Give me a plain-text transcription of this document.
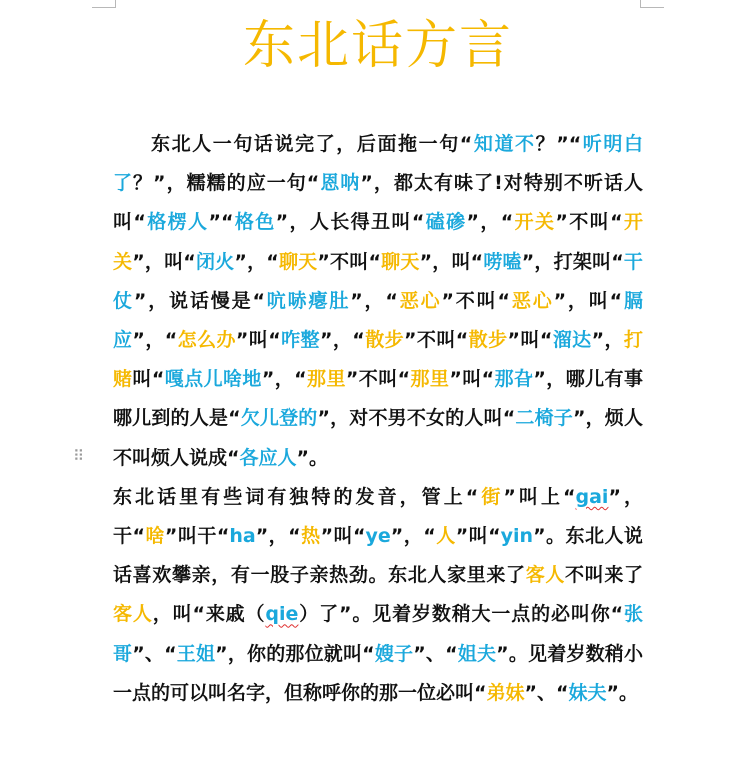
东北话方言
⠿

东北人一句话说完了，后面拖一句“知道不？”“听明白了？”，糯糯的应一句“恩呐”，都太有味了!对特别不听话人叫“格楞人”“格色”，人长得丑叫“磕碜”，“开关”不叫“开关”，叫“闭火”，“聊天”不叫“聊天”，叫“唠嗑”，打架叫“干仗”，说话慢是“吭哧瘪肚”，“恶心”不叫“恶心”，叫“膈应”，“怎么办”叫“咋整”，“散步”不叫“散步”叫“溜达”，打赌叫“嘎点儿啥地”，“那里”不叫“那里”叫“那旮”，哪儿有事哪儿到的人是“欠儿登的”，对不男不女的人叫“二椅子”，烦人不叫烦人说成“各应人”。

东北话里有些词有独特的发音，管上“街”叫上“gai”，干“啥”叫干“ha”，“热”叫“ye”，“人”叫“yin”。东北人说话喜欢攀亲，有一股子亲热劲。东北人家里来了客人不叫来了客人，叫“来戚（qie）了”。见着岁数稍大一点的必叫你“张哥”、“王姐”，你的那位就叫“嫂子”、“姐夫”。见着岁数稍小一点的可以叫名字，但称呼你的那一位必叫“弟妹”、“妹夫”。
